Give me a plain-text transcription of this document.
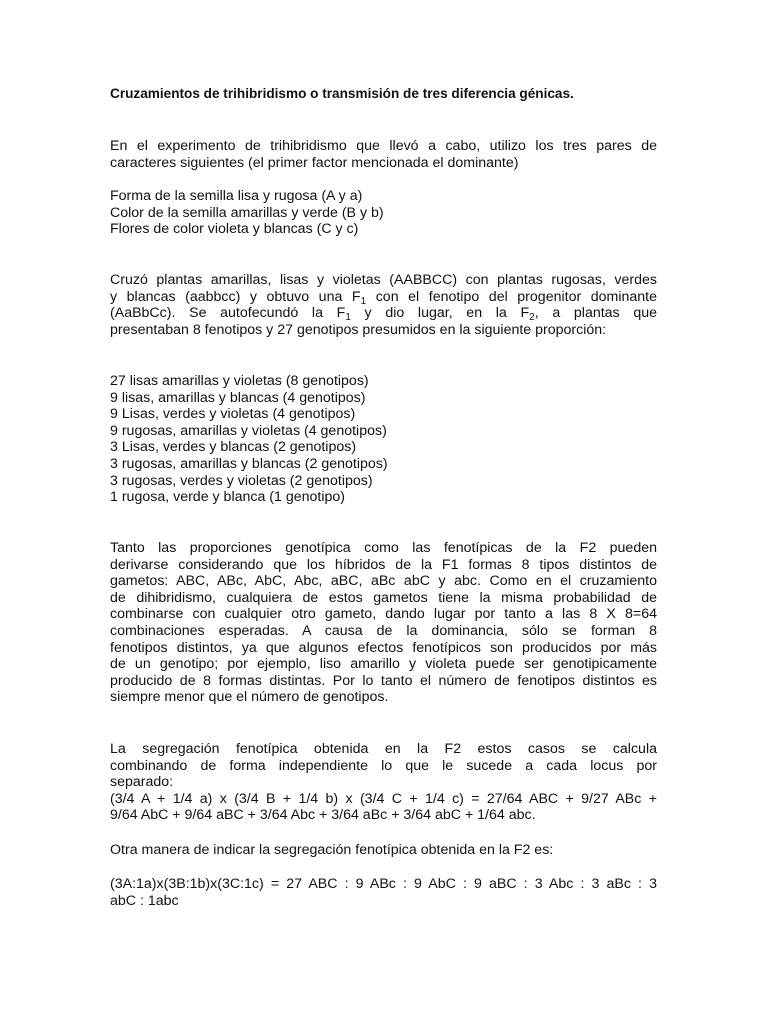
Cruzamientos de trihibridismo o transmisión de tres diferencia génicas.
En el experimento de trihibridismo que llevó a cabo, utilizo los tres pares de
caracteres siguientes (el primer factor mencionada el dominante)
Forma de la semilla lisa y rugosa (A y a)
Color de la semilla amarillas y verde (B y b)
Flores de color violeta y blancas (C y c)
Cruzó plantas amarillas, lisas y violetas (AABBCC) con plantas rugosas, verdes
y blancas (aabbcc) y obtuvo una $F_1$ con el fenotipo del progenitor dominante
(AaBbCc). Se autofecundó la $F_1$ y dio lugar, en la $F_2$, a plantas que
presentaban 8 fenotipos y 27 genotipos presumidos en la siguiente proporción:
27 lisas amarillas y violetas (8 genotipos)
9 lisas, amarillas y blancas (4 genotipos)
9 Lisas, verdes y violetas (4 genotipos)
9 rugosas, amarillas y violetas (4 genotipos)
3 Lisas, verdes y blancas (2 genotipos)
3 rugosas, amarillas y blancas (2 genotipos)
3 rugosas, verdes y violetas (2 genotipos)
1 rugosa, verde y blanca (1 genotipo)
Tanto las proporciones genotípica como las fenotípicas de la F2 pueden
derivarse considerando que los híbridos de la F1 formas 8 tipos distintos de
gametos: ABC, ABc, AbC, Abc, aBC, aBc abC y abc. Como en el cruzamiento
de dihibridismo, cualquiera de estos gametos tiene la misma probabilidad de
combinarse con cualquier otro gameto, dando lugar por tanto a las 8 X 8=64
combinaciones esperadas. A causa de la dominancia, sólo se forman 8
fenotipos distintos, ya que algunos efectos fenotípicos son producidos por más
de un genotipo; por ejemplo, liso amarillo y violeta puede ser genotipicamente
producido de 8 formas distintas. Por lo tanto el número de fenotipos distintos es
siempre menor que el número de genotipos.
La segregación fenotípica obtenida en la F2 estos casos se calcula
combinando de forma independiente lo que le sucede a cada locus por
separado:
(3/4 A + 1/4 a) x (3/4 B + 1/4 b) x (3/4 C + 1/4 c) = 27/64 ABC + 9/27 ABc +
9/64 AbC + 9/64 aBC + 3/64 Abc + 3/64 aBc + 3/64 abC + 1/64 abc.
Otra manera de indicar la segregación fenotípica obtenida en la F2 es:
(3A:1a)x(3B:1b)x(3C:1c) = 27 ABC : 9 ABc : 9 AbC : 9 aBC : 3 Abc : 3 aBc : 3
abC : 1abc
